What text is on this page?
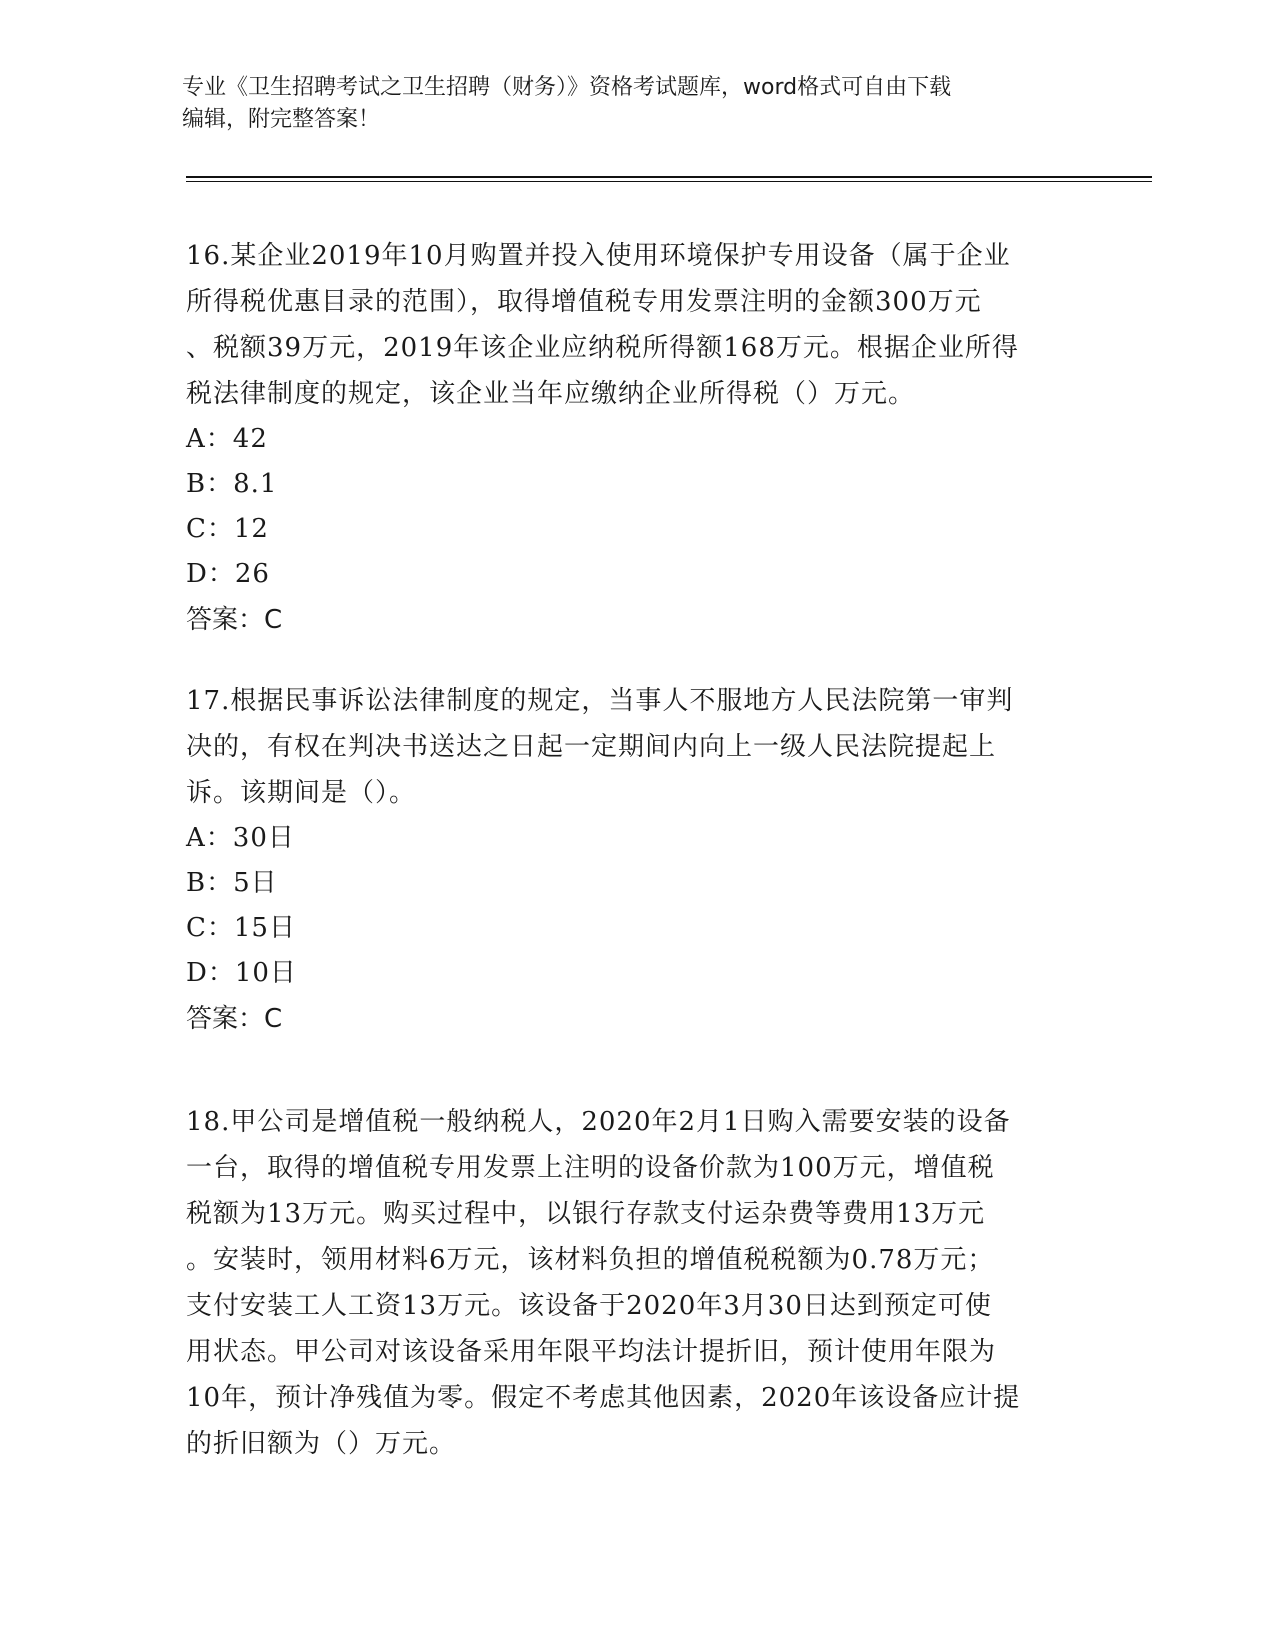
专业《卫生招聘考试之卫生招聘（财务）》资格考试题库，word格式可自由下载
编辑，附完整答案！
16.某企业2019年10月购置并投入使用环境保护专用设备（属于企业
所得税优惠目录的范围），取得增值税专用发票注明的金额300万元
、税额39万元，2019年该企业应纳税所得额168万元。根据企业所得
税法律制度的规定，该企业当年应缴纳企业所得税（）万元。
A：42
B：8.1
C：12
D：26
答案：C
17.根据民事诉讼法律制度的规定，当事人不服地方人民法院第一审判
决的，有权在判决书送达之日起一定期间内向上一级人民法院提起上
诉。该期间是（）。
A：30日
B：5日
C：15日
D：10日
答案：C
18.甲公司是增值税一般纳税人，2020年2月1日购入需要安装的设备
一台，取得的增值税专用发票上注明的设备价款为100万元，增值税
税额为13万元。购买过程中，以银行存款支付运杂费等费用13万元
。安装时，领用材料6万元，该材料负担的增值税税额为0.78万元；
支付安装工人工资13万元。该设备于2020年3月30日达到预定可使
用状态。甲公司对该设备采用年限平均法计提折旧，预计使用年限为
10年，预计净残值为零。假定不考虑其他因素，2020年该设备应计提
的折旧额为（）万元。
